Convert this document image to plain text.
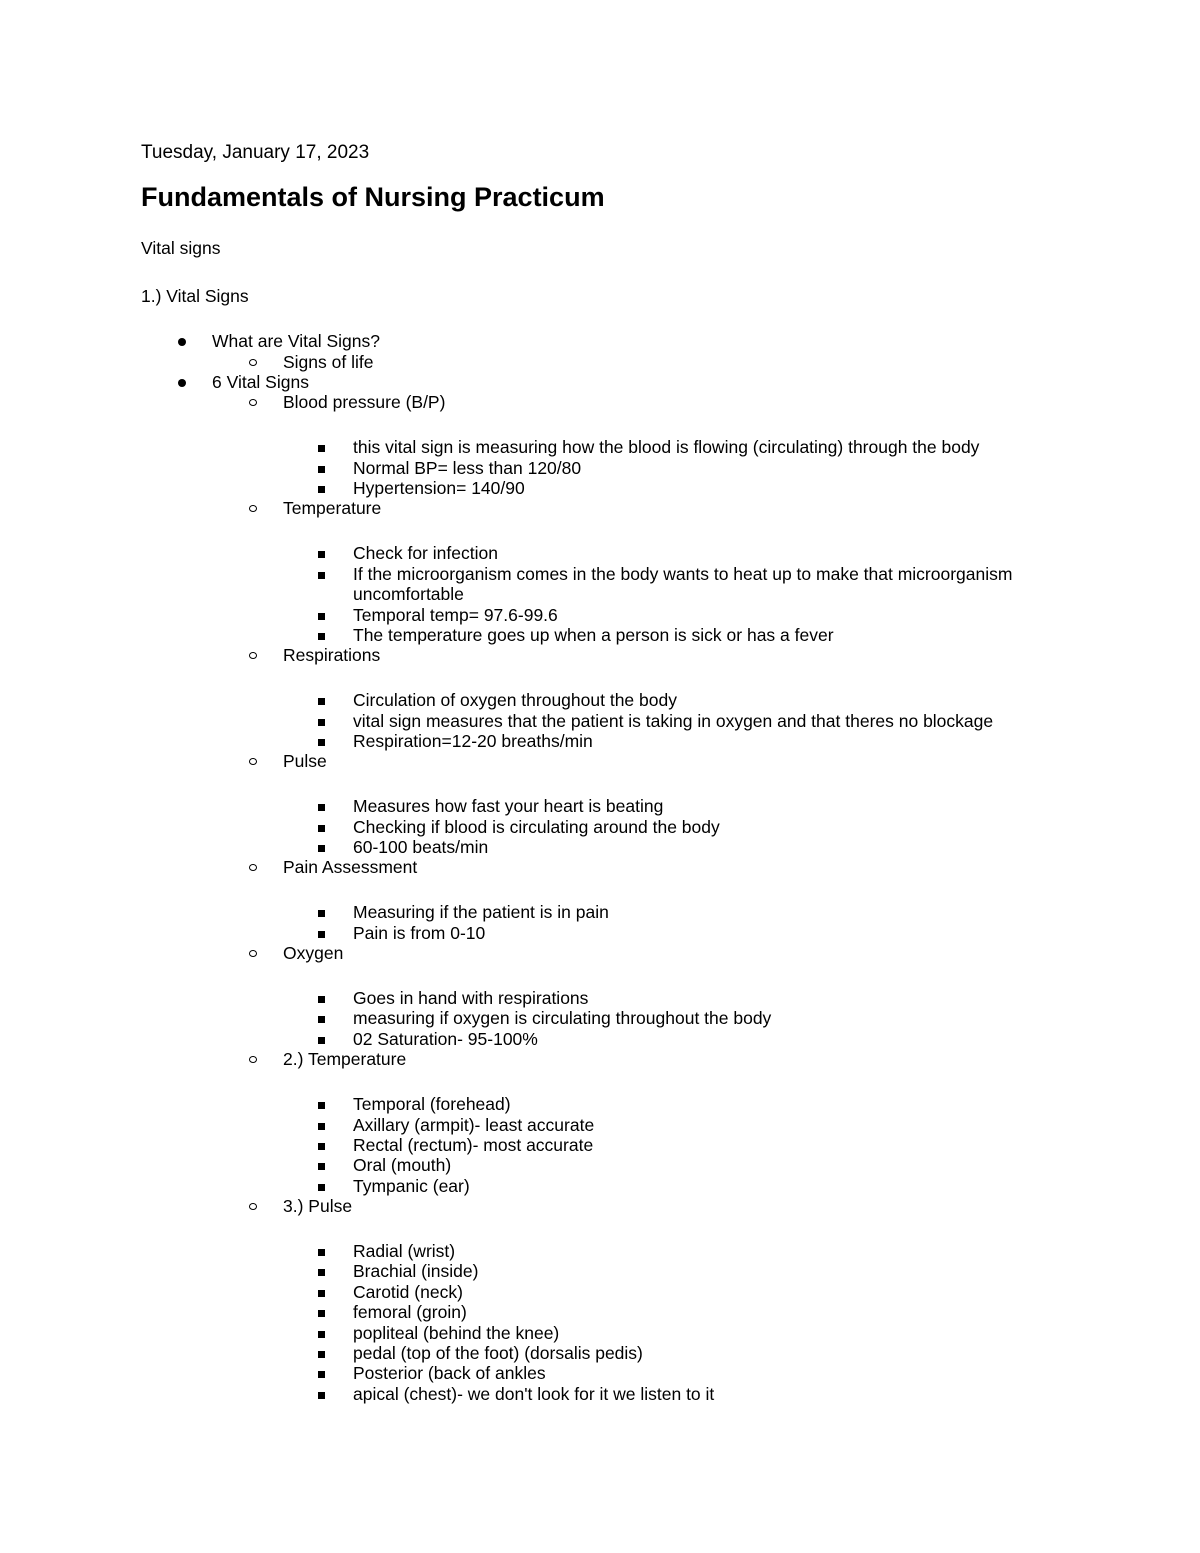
Tuesday, January 17, 2023
Fundamentals of Nursing Practicum
Vital signs
1.) Vital Signs
What are Vital Signs?
Signs of life
6 Vital Signs
Blood pressure (B/P)
this vital sign is measuring how the blood is flowing (circulating) through the body
Normal BP= less than 120/80
Hypertension= 140/90
Temperature
Check for infection
If the microorganism comes in the body wants to heat up to make that microorganism uncomfortable
Temporal temp= 97.6-99.6
The temperature goes up when a person is sick or has a fever
Respirations
Circulation of oxygen throughout the body
vital sign measures that the patient is taking in oxygen and that theres no blockage
Respiration=12-20 breaths/min
Pulse
Measures how fast your heart is beating
Checking if blood is circulating around the body
60-100 beats/min
Pain Assessment
Measuring if the patient is in pain
Pain is from 0-10
Oxygen
Goes in hand with respirations
measuring if oxygen is circulating throughout the body
02 Saturation- 95-100%
2.) Temperature
Temporal (forehead)
Axillary (armpit)- least accurate
Rectal (rectum)- most accurate
Oral (mouth)
Tympanic (ear)
3.) Pulse
Radial (wrist)
Brachial (inside)
Carotid (neck)
femoral (groin)
popliteal (behind the knee)
pedal (top of the foot) (dorsalis pedis)
Posterior (back of ankles
apical (chest)- we don't look for it we listen to it
